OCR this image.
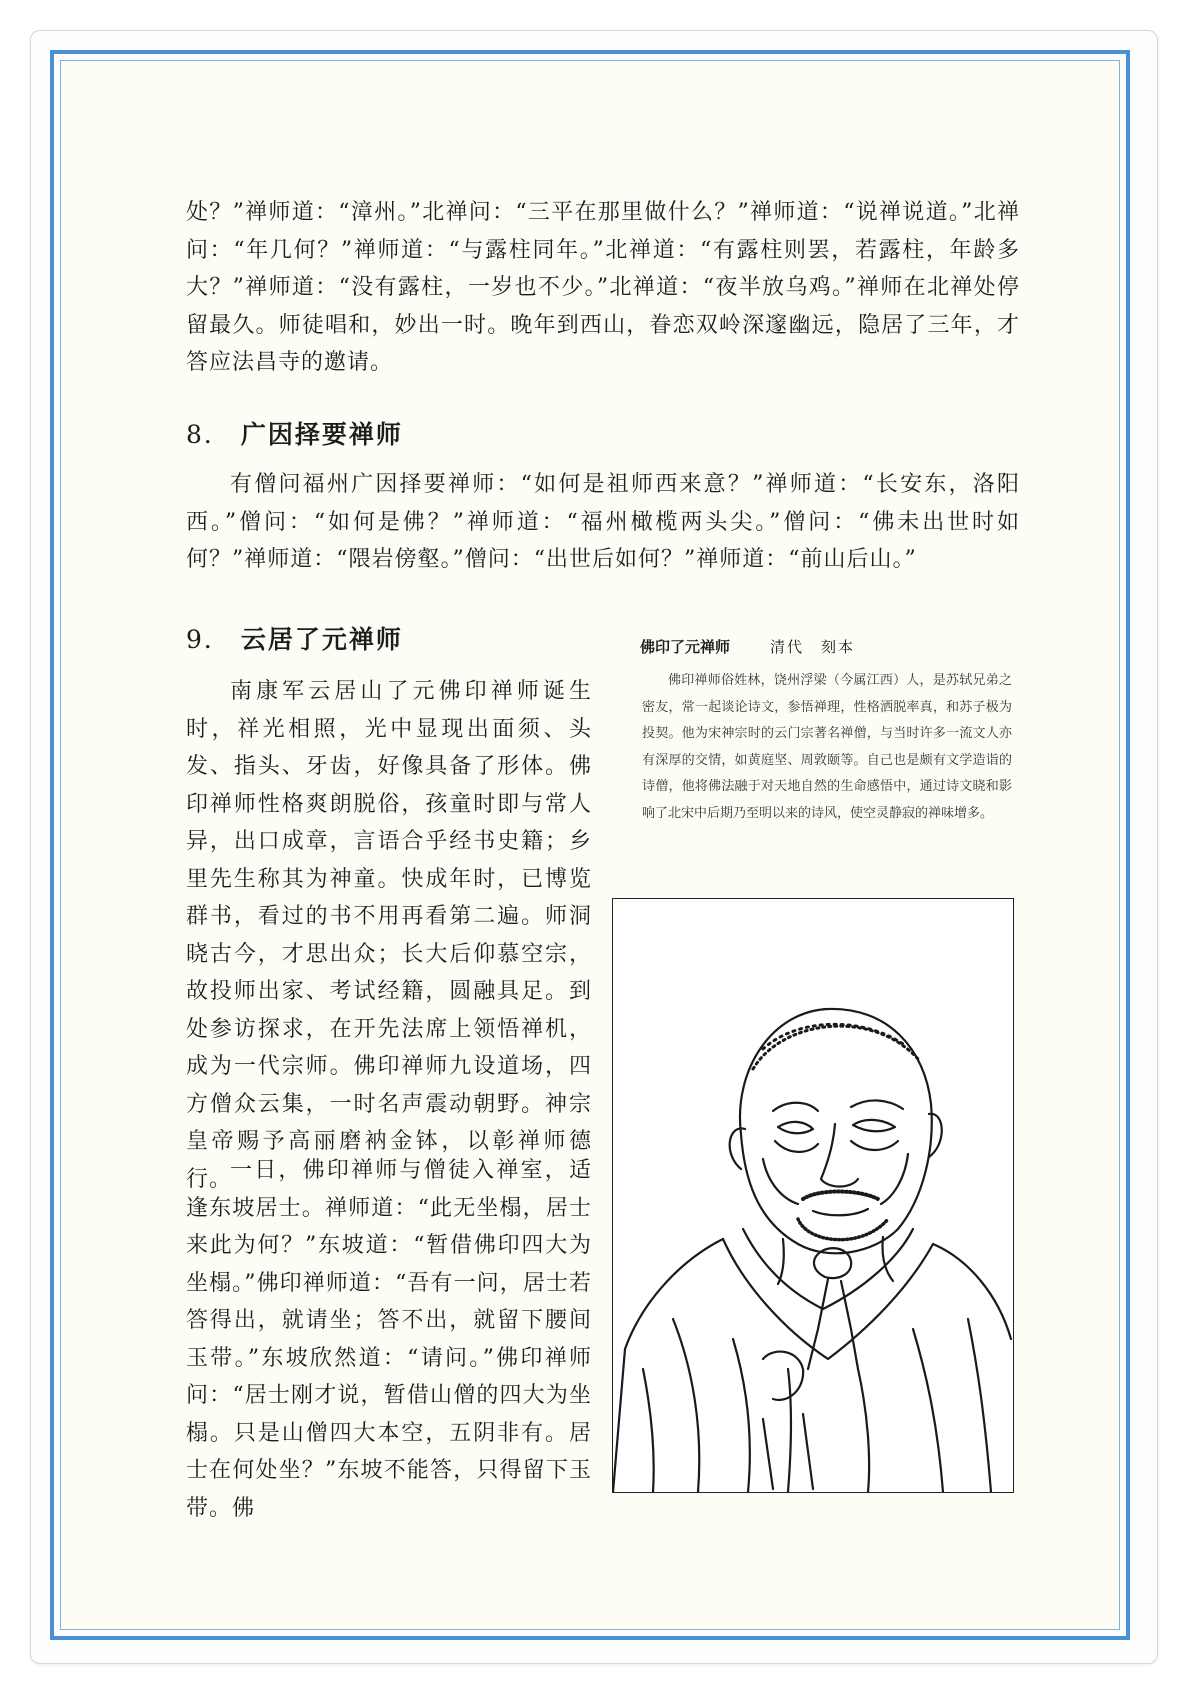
处？”禅师道：“漳州。”北禅问：“三平在那里做什么？”禅师道：“说禅说道。”北禅问：“年几何？”禅师道：“与露柱同年。”北禅道：“有露柱则罢，若露柱，年龄多大？”禅师道：“没有露柱，一岁也不少。”北禅道：“夜半放乌鸡。”禅师在北禅处停留最久。师徒唱和，妙出一时。晚年到西山，眷恋双岭深邃幽远，隐居了三年，才答应法昌寺的邀请。

8． 广因择要禅师

有僧问福州广因择要禅师：“如何是祖师西来意？”禅师道：“长安东，洛阳西。”僧问：“如何是佛？”禅师道：“福州橄榄两头尖。”僧问：“佛未出世时如何？”禅师道：“隈岩傍壑。”僧问：“出世后如何？”禅师道：“前山后山。”

9． 云居了元禅师

南康军云居山了元佛印禅师诞生时，祥光相照，光中显现出面须、头发、指头、牙齿，好像具备了形体。佛印禅师性格爽朗脱俗，孩童时即与常人异，出口成章，言语合乎经书史籍；乡里先生称其为神童。快成年时，已博览群书，看过的书不用再看第二遍。师洞晓古今，才思出众；长大后仰慕空宗，故投师出家、考试经籍，圆融具足。到处参访探求，在开先法席上领悟禅机，成为一代宗师。佛印禅师九设道场，四方僧众云集，一时名声震动朝野。神宗皇帝赐予高丽磨衲金钵，以彰禅师德行。

一日，佛印禅师与僧徒入禅室，适逢东坡居士。禅师道：“此无坐榻，居士来此为何？”东坡道：“暂借佛印四大为坐榻。”佛印禅师道：“吾有一问，居士若答得出，就请坐；答不出，就留下腰间玉带。”东坡欣然道：“请问。”佛印禅师问：“居士刚才说，暂借山僧的四大为坐榻。只是山僧四大本空，五阴非有。居士在何处坐？”东坡不能答，只得留下玉带。佛

佛印了元禅师	清代　刻本

佛印禅师俗姓林，饶州浮梁（今属江西）人，是苏轼兄弟之密友，常一起谈论诗文，参悟禅理，性格洒脱率真，和苏子极为投契。他为宋神宗时的云门宗著名禅僧，与当时许多一流文人亦有深厚的交情，如黄庭坚、周敦颐等。自己也是颇有文学造诣的诗僧，他将佛法融于对天地自然的生命感悟中，通过诗文晓和影响了北宋中后期乃至明以来的诗风，使空灵静寂的禅味增多。
